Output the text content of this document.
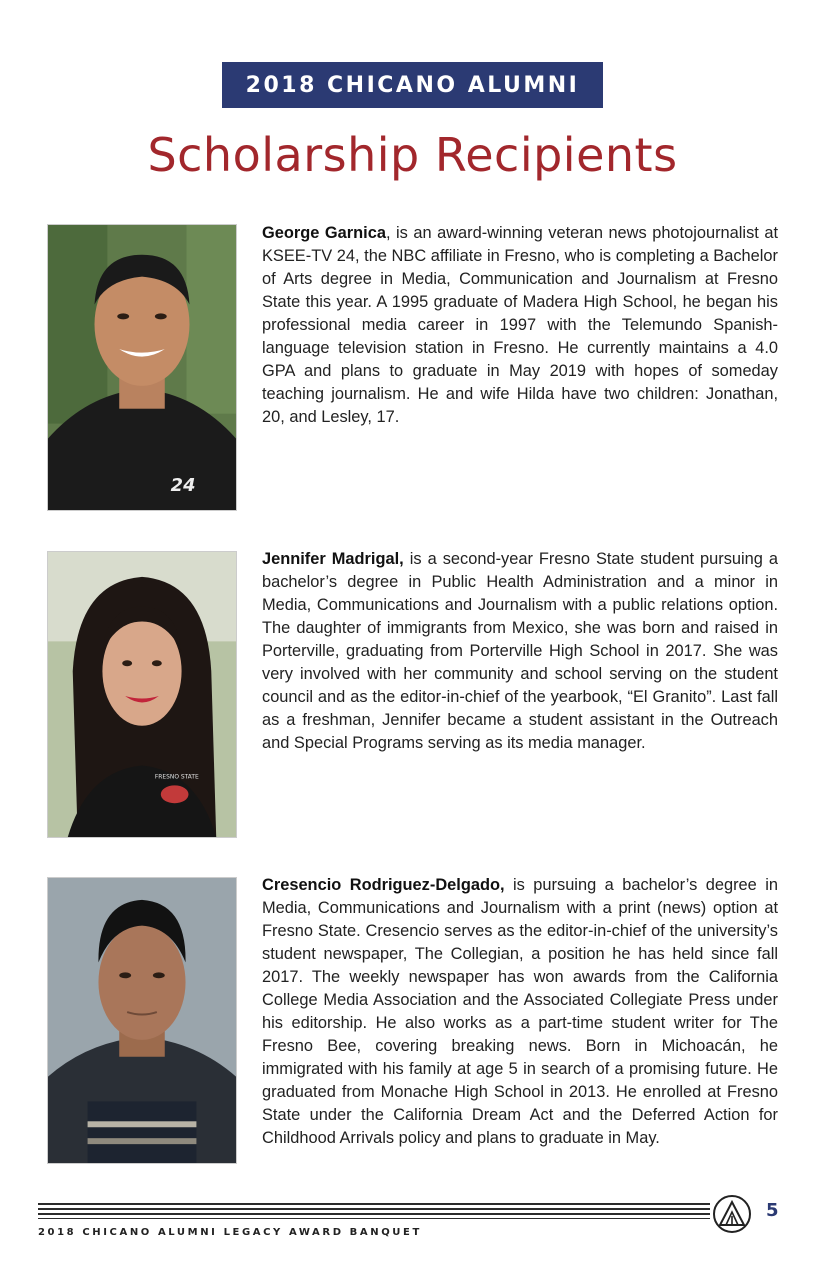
2018 CHICANO ALUMNI
Scholarship Recipients
24

George Garnica, is an award-winning veteran news photojournalist at KSEE-TV 24, the NBC affiliate in Fresno, who is completing a Bachelor of Arts degree in Media, Communication and Journalism at Fresno State this year. A 1995 graduate of Madera High School, he began his professional media career in 1997 with the Telemundo Spanish-language television station in Fresno. He currently maintains a 4.0 GPA and plans to graduate in May 2019 with hopes of someday teaching journalism. He and wife Hilda have two children: Jonathan, 20, and Lesley, 17.

FRESNO STATE

Jennifer Madrigal, is a second-year Fresno State student pursuing a bachelor’s degree in Public Health Administration and a minor in Media, Communications and Journalism with a public relations option. The daughter of immigrants from Mexico, she was born and raised in Porterville, graduating from Porterville High School in 2017. She was very involved with her community and school serving on the student council and as the editor-in-chief of the yearbook, “El Granito”. Last fall as a freshman, Jennifer became a student assistant in the Outreach and Special Programs serving as its media manager.

Cresencio Rodriguez-Delgado, is pursuing a bachelor’s degree in Media, Communications and Journalism with a print (news) option at Fresno State. Cresencio serves as the editor-in-chief of the university’s student newspaper, The Collegian, a position he has held since fall 2017. The weekly newspaper has won awards from the California College Media Association and the Associated Collegiate Press under his editorship. He also works as a part-time student writer for The Fresno Bee, covering breaking news. Born in Michoacán, he immigrated with his family at age 5 in search of a promising future. He graduated from Monache High School in 2013. He enrolled at Fresno State under the California Dream Act and the Deferred Action for Childhood Arrivals policy and plans to graduate in May.

5
2018 CHICANO ALUMNI LEGACY AWARD BANQUET
